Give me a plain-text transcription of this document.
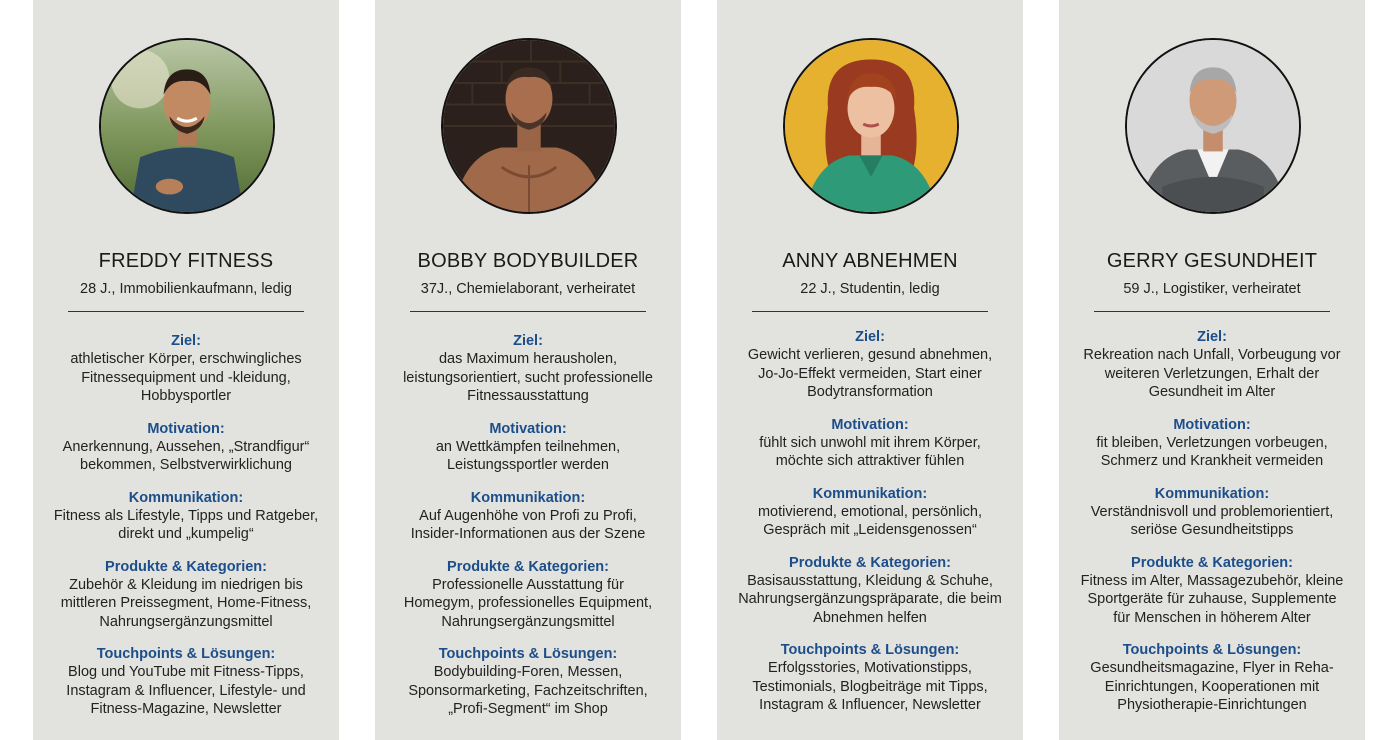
FREDDY FITNESS
28 J., Immobilienkaufmann, ledig
Ziel:
athletischer Körper, erschwingliches
Fitnessequipment und -kleidung,
Hobbysportler
Motivation:
Anerkennung, Aussehen, „Strandfigur“
bekommen, Selbstverwirklichung
Kommunikation:
Fitness als Lifestyle, Tipps und Ratgeber,
direkt und „kumpelig“
Produkte & Kategorien:
Zubehör & Kleidung im niedrigen bis
mittleren Preissegment, Home-Fitness,
Nahrungsergänzungsmittel
Touchpoints & Lösungen:
Blog und YouTube mit Fitness-Tipps,
Instagram & Influencer, Lifestyle- und
Fitness-Magazine, Newsletter
BOBBY BODYBUILDER
37J., Chemielaborant, verheiratet
Ziel:
das Maximum herausholen,
leistungsorientiert, sucht professionelle
Fitnessausstattung
Motivation:
an Wettkämpfen teilnehmen,
Leistungssportler werden
Kommunikation:
Auf Augenhöhe von Profi zu Profi,
Insider-Informationen aus der Szene
Produkte & Kategorien:
Professionelle Ausstattung für
Homegym, professionelles Equipment,
Nahrungsergänzungsmittel
Touchpoints & Lösungen:
Bodybuilding-Foren, Messen,
Sponsormarketing, Fachzeitschriften,
„Profi-Segment“ im Shop
ANNY ABNEHMEN
22 J., Studentin, ledig
Ziel:
Gewicht verlieren, gesund abnehmen,
Jo-Jo-Effekt vermeiden, Start einer
Bodytransformation
Motivation:
fühlt sich unwohl mit ihrem Körper,
möchte sich attraktiver fühlen
Kommunikation:
motivierend, emotional, persönlich,
Gespräch mit „Leidensgenossen“
Produkte & Kategorien:
Basisausstattung, Kleidung & Schuhe,
Nahrungsergänzungspräparate, die beim
Abnehmen helfen
Touchpoints & Lösungen:
Erfolgsstories, Motivationstipps,
Testimonials, Blogbeiträge mit Tipps,
Instagram & Influencer, Newsletter
GERRY GESUNDHEIT
59 J., Logistiker, verheiratet
Ziel:
Rekreation nach Unfall, Vorbeugung vor
weiteren Verletzungen, Erhalt der
Gesundheit im Alter
Motivation:
fit bleiben, Verletzungen vorbeugen,
Schmerz und Krankheit vermeiden
Kommunikation:
Verständnisvoll und problemorientiert,
seriöse Gesundheitstipps
Produkte & Kategorien:
Fitness im Alter, Massagezubehör, kleine
Sportgeräte für zuhause, Supplemente
für Menschen in höherem Alter
Touchpoints & Lösungen:
Gesundheitsmagazine, Flyer in Reha-
Einrichtungen, Kooperationen mit
Physiotherapie-Einrichtungen
